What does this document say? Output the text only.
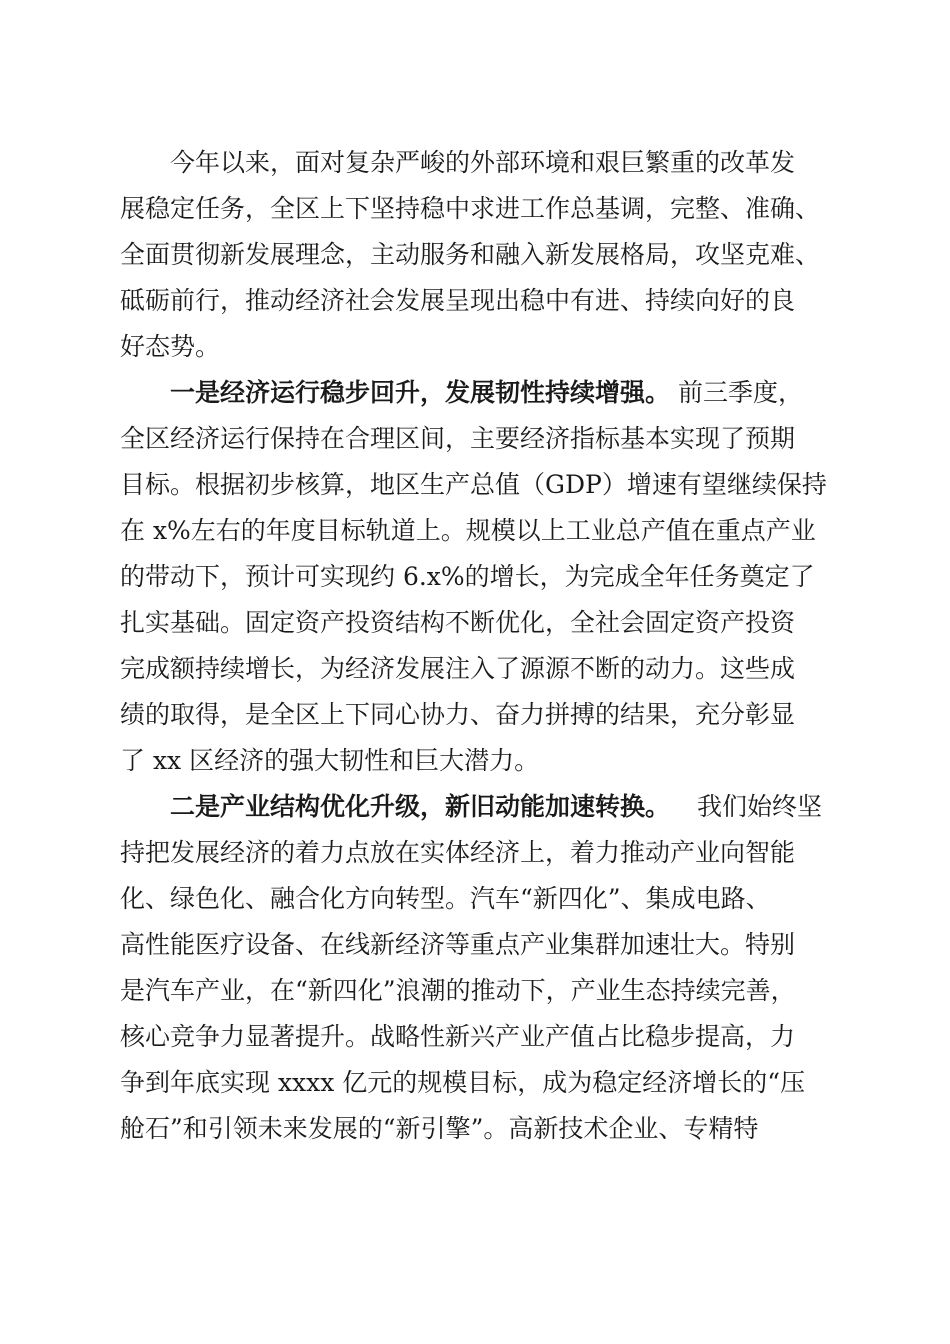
今年以来，面对复杂严峻的外部环境和艰巨繁重的改革发
展稳定任务，全区上下坚持稳中求进工作总基调，完整、准确、
全面贯彻新发展理念，主动服务和融入新发展格局，攻坚克难、
砥砺前行，推动经济社会发展呈现出稳中有进、持续向好的良
好态势。
一是经济运行稳步回升，发展韧性持续增强。 前三季度，
全区经济运行保持在合理区间，主要经济指标基本实现了预期
目标。根据初步核算，地区生产总值（GDP）增速有望继续保持
在 x%左右的年度目标轨道上。规模以上工业总产值在重点产业
的带动下，预计可实现约 6.x%的增长，为完成全年任务奠定了
扎实基础。固定资产投资结构不断优化，全社会固定资产投资
完成额持续增长，为经济发展注入了源源不断的动力。这些成
绩的取得，是全区上下同心协力、奋力拼搏的结果，充分彰显
了 xx 区经济的强大韧性和巨大潜力。
二是产业结构优化升级，新旧动能加速转换。 我们始终坚
持把发展经济的着力点放在实体经济上，着力推动产业向智能
化、绿色化、融合化方向转型。汽车“新四化”、集成电路、
高性能医疗设备、在线新经济等重点产业集群加速壮大。特别
是汽车产业，在“新四化”浪潮的推动下，产业生态持续完善，
核心竞争力显著提升。战略性新兴产业产值占比稳步提高，力
争到年底实现 xxxx 亿元的规模目标，成为稳定经济增长的“压
舱石”和引领未来发展的“新引擎”。高新技术企业、专精特
